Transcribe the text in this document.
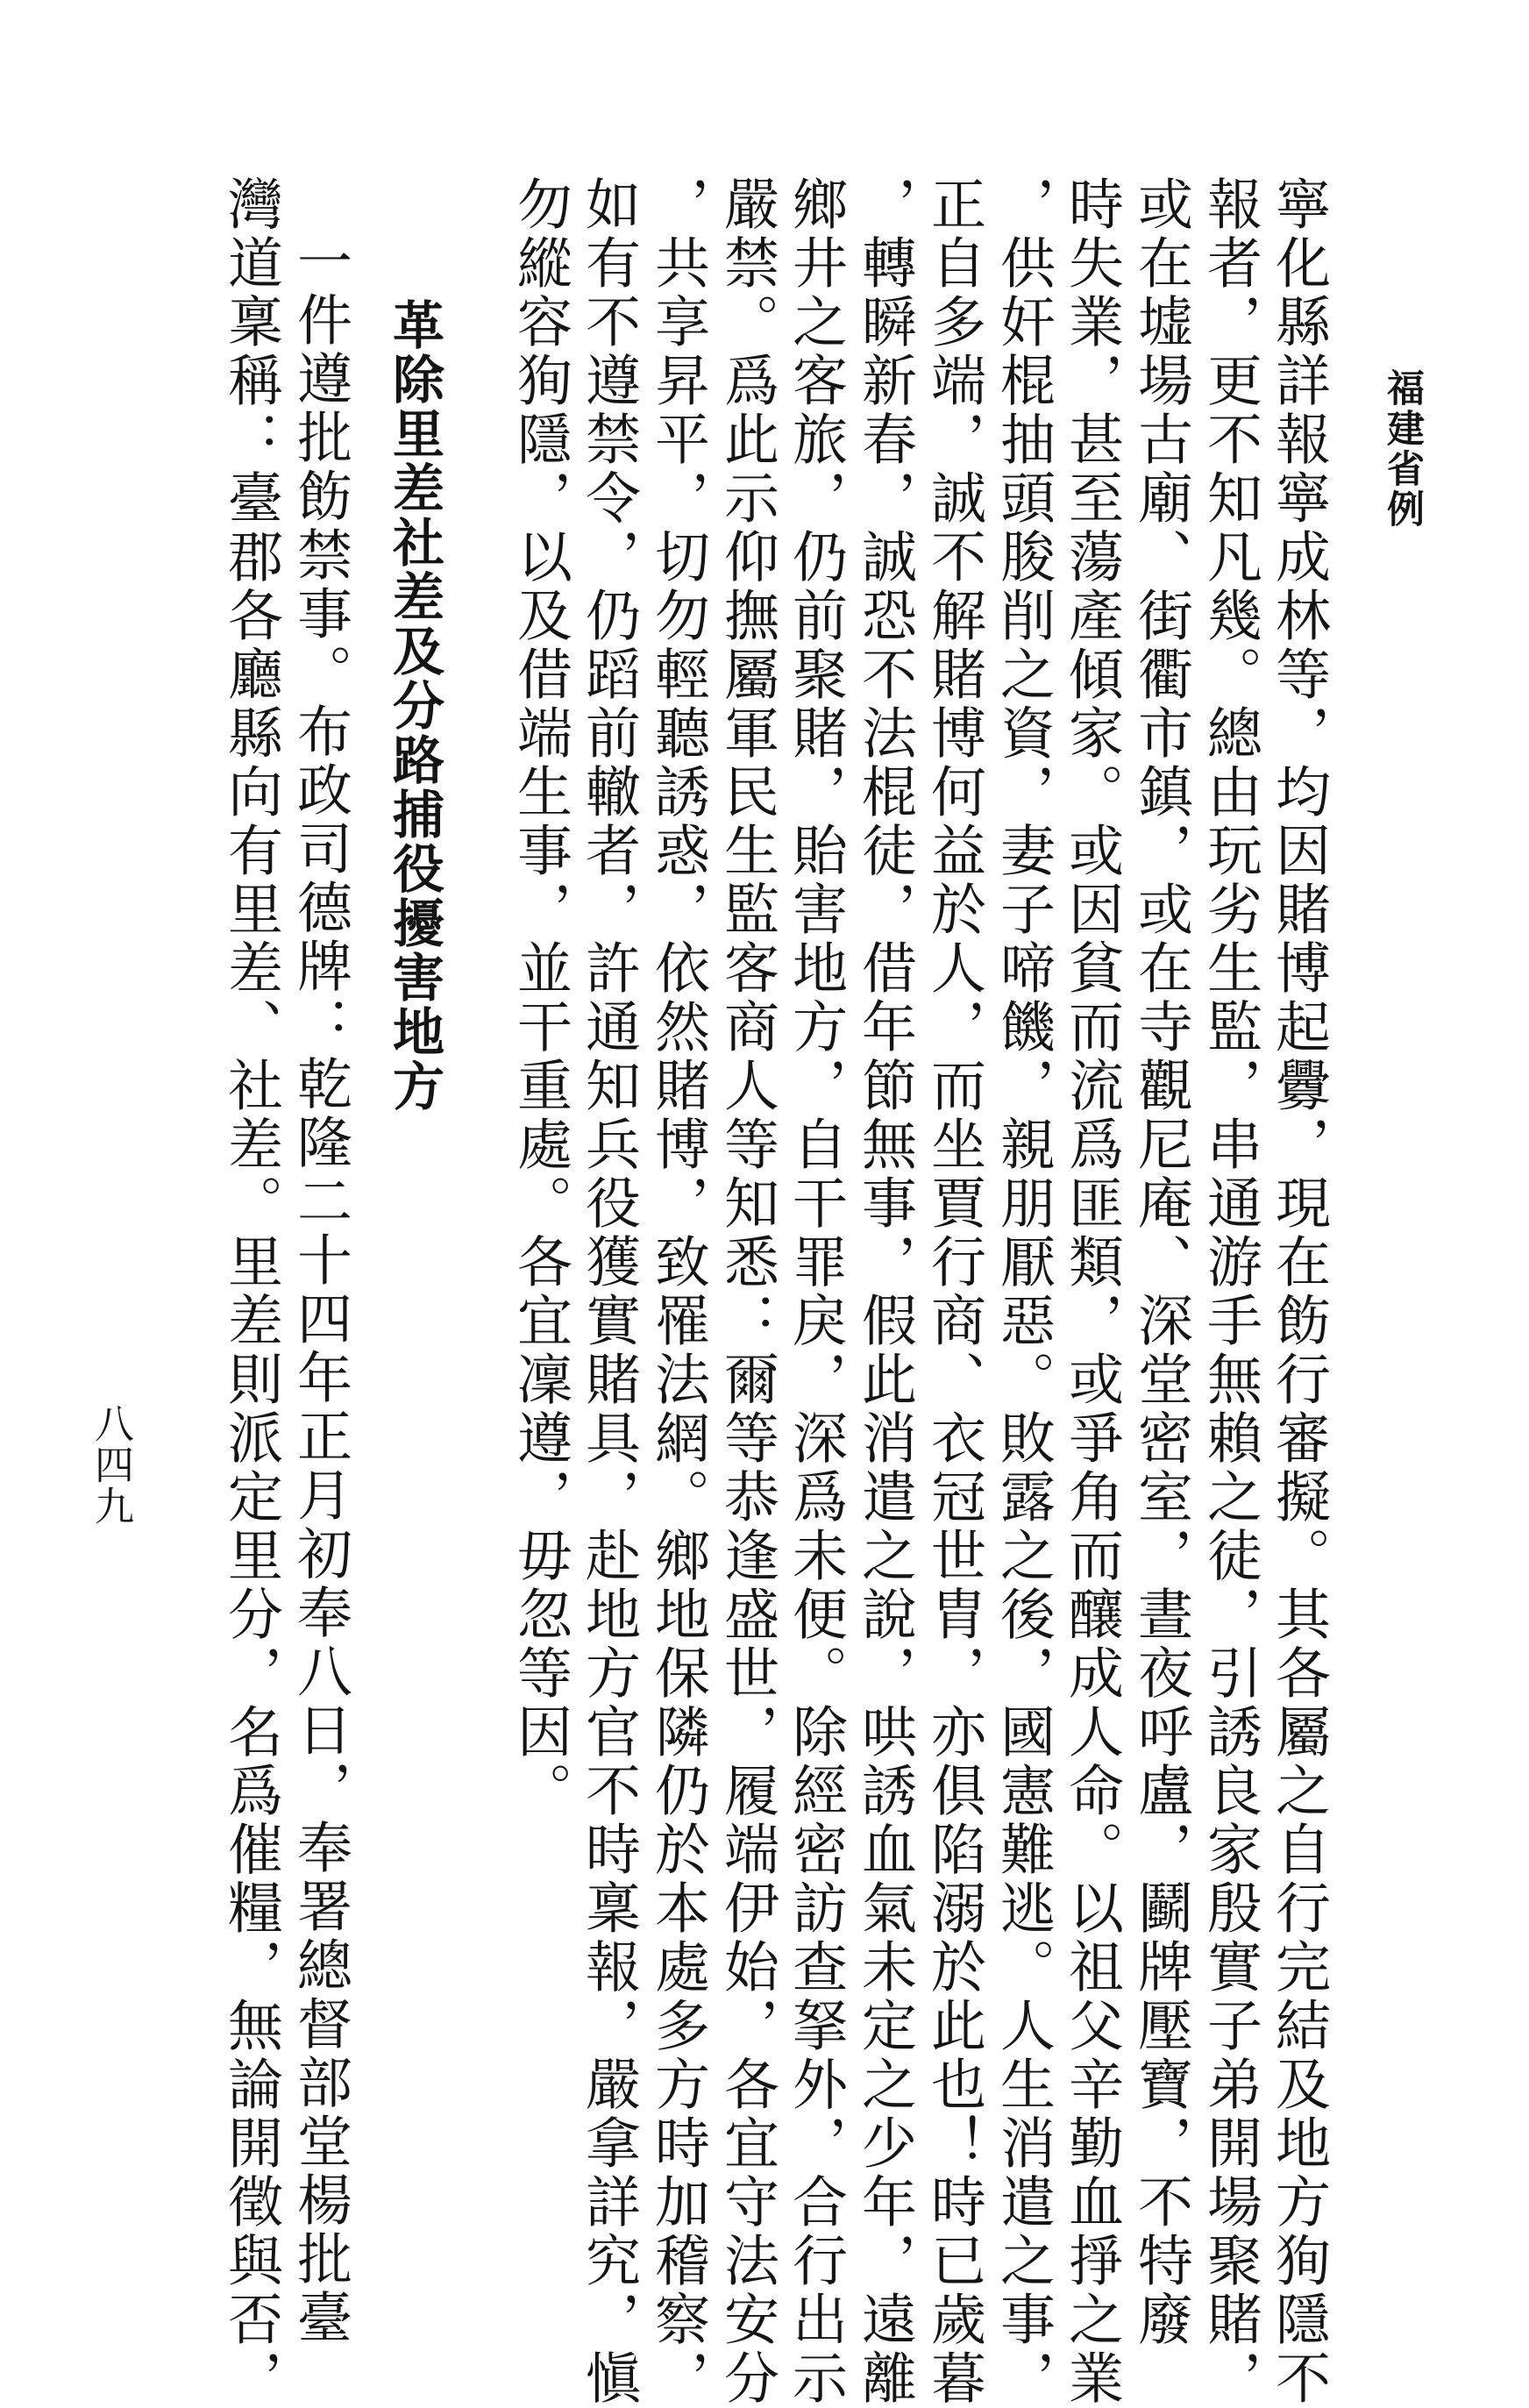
福建省例
八四九	寧化縣詳報寧成林等，均因賭博起釁，現在飭行審擬。其各屬之自行完結及地方狥隱不
報者，更不知凡幾。總由玩劣生監，串通游手無賴之徒，引誘良家殷實子弟開場聚賭，
或在墟場古廟、街衢市鎮，或在寺觀尼庵、深堂密室，晝夜呼盧，鬬牌壓寶，不特廢
時失業，甚至蕩產傾家。或因貧而流爲匪類，或爭角而釀成人命。以祖父辛勤血掙之業
，供奸棍抽頭朘削之資，妻子啼饑，親朋厭惡。敗露之後，國憲難逃。人生消遣之事，
正自多端，誠不解賭博何益於人，而坐賈行商、衣冠世胄，亦俱陷溺於此也！時已歲暮
，轉瞬新春，誠恐不法棍徒，借年節無事，假此消遣之說，哄誘血氣未定之少年，遠離
鄉井之客旅，仍前聚賭，貽害地方，自干罪戾，深爲未便。除經密訪查拏外，合行出示
嚴禁。爲此示仰撫屬軍民生監客商人等知悉：爾等恭逢盛世，履端伊始，各宜守法安分
，共享昇平，切勿輕聽誘惑，依然賭博，致罹法網。鄉地保隣仍於本處多方時加稽察，
如有不遵禁令，仍蹈前轍者，許通知兵役獲實賭具，赴地方官不時稟報，嚴拿詳究，愼
勿縱容狥隱，以及借端生事，並干重處。各宜凜遵，毋忽等因。
革除里差社差及分路捕役擾害地方
一件遵批飭禁事。布政司德牌：乾隆二十四年正月初奉八日，奉署總督部堂楊批臺
灣道稟稱：臺郡各廳縣向有里差、社差。里差則派定里分，名爲催糧，無論開徵與否，
